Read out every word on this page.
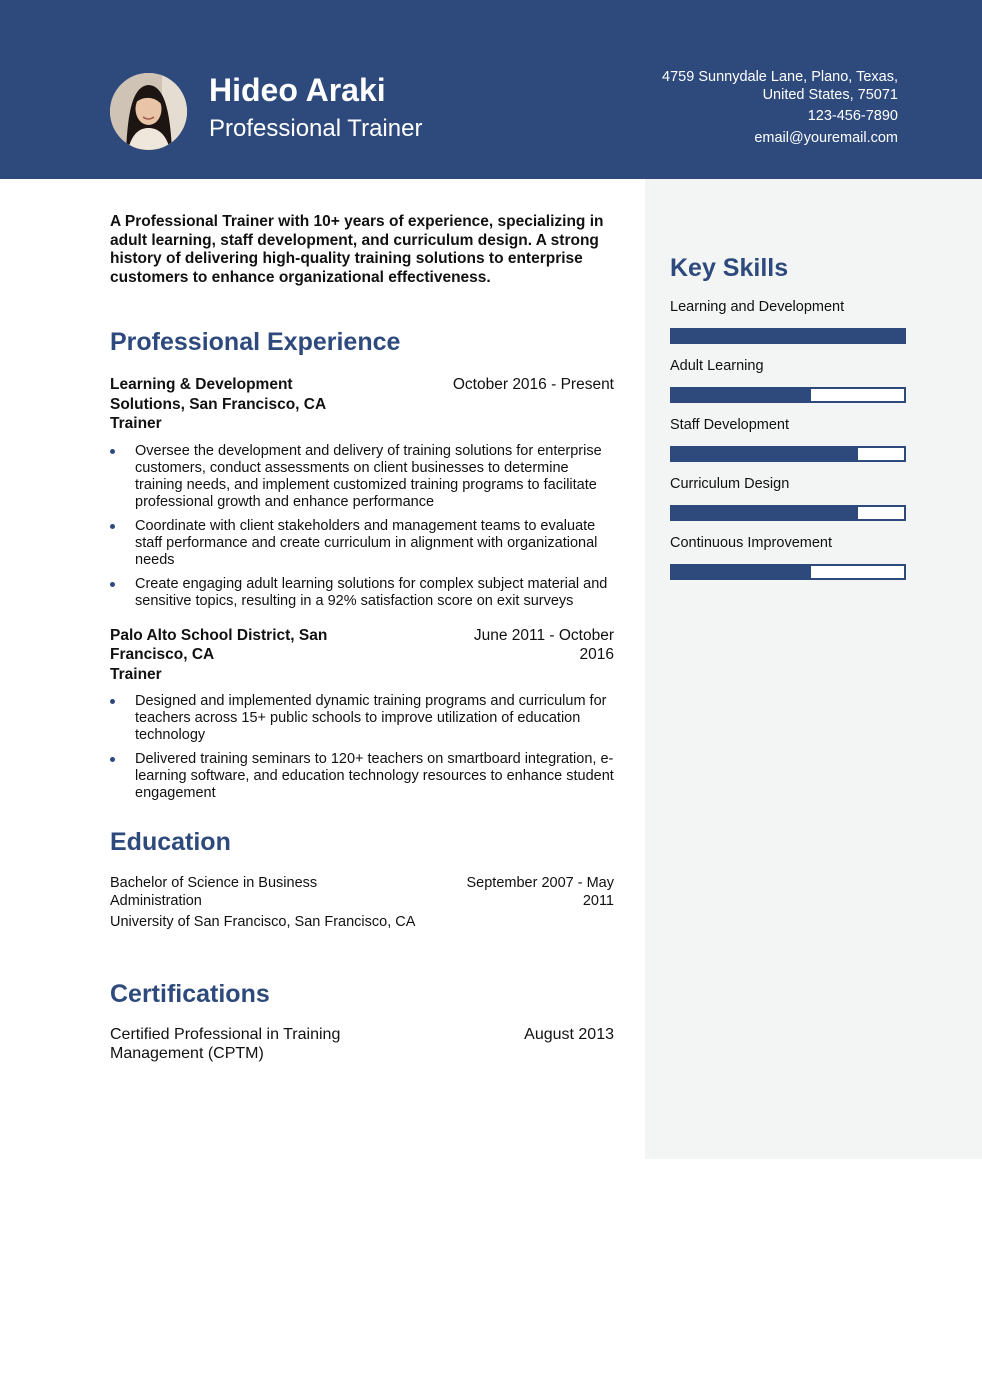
Hideo Araki
Professional Trainer
4759 Sunnydale Lane, Plano, Texas, United States, 75071
123-456-7890
email@youremail.com

A Professional Trainer with 10+ years of experience, specializing in adult learning, staff development, and curriculum design. A strong history of delivering high-quality training solutions to enterprise customers to enhance organizational effectiveness.

Professional Experience
Learning & Development Solutions, San Francisco, CA
October 2016 - Present
Trainer
Oversee the development and delivery of training solutions for enterprise customers, conduct assessments on client businesses to determine training needs, and implement customized training programs to facilitate professional growth and enhance performance
Coordinate with client stakeholders and management teams to evaluate staff performance and create curriculum in alignment with organizational needs
Create engaging adult learning solutions for complex subject material and sensitive topics, resulting in a 92% satisfaction score on exit surveys
Palo Alto School District, San Francisco, CA
June 2011 - October 2016
Trainer
Designed and implemented dynamic training programs and curriculum for teachers across 15+ public schools to improve utilization of education technology
Delivered training seminars to 120+ teachers on smartboard integration, e-learning software, and education technology resources to enhance student engagement
Education
Bachelor of Science in Business Administration
September 2007 - May 2011
University of San Francisco, San Francisco, CA
Certifications
Certified Professional in Training Management (CPTM)
August 2013
Key Skills
Learning and Development
Adult Learning
Staff Development
Curriculum Design
Continuous Improvement
